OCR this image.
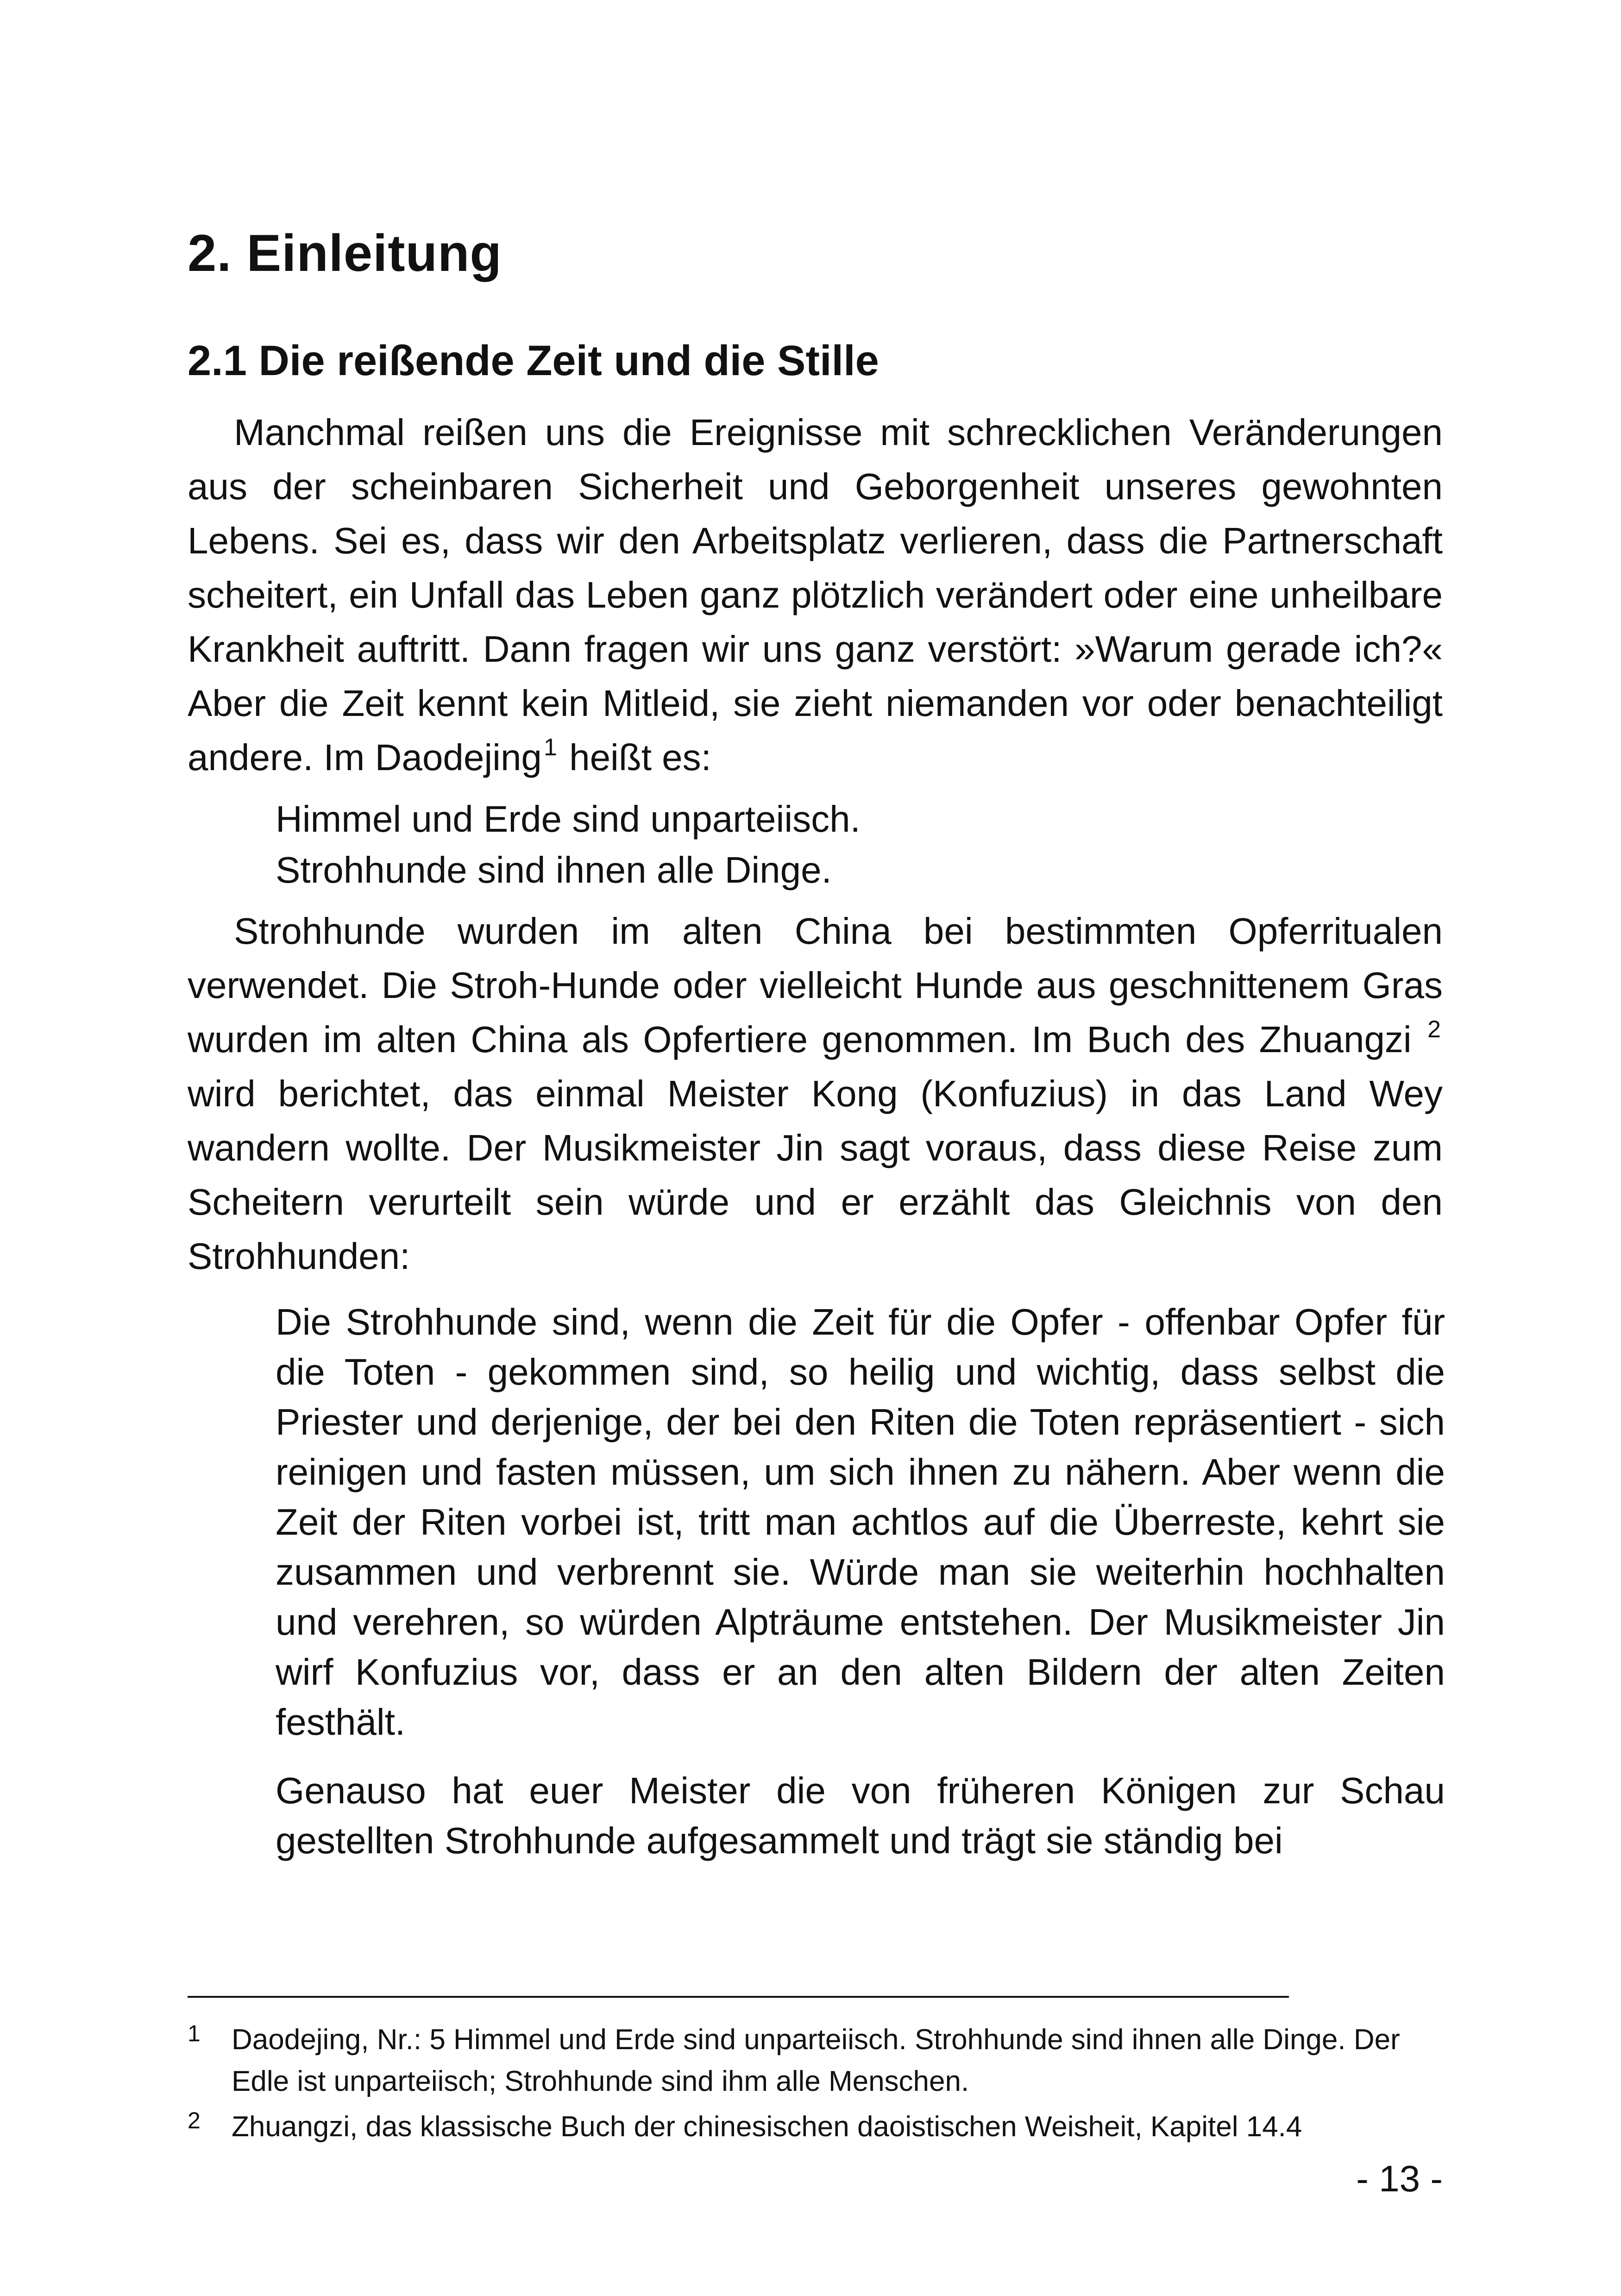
2. Einleitung
2.1 Die reißende Zeit und die Stille

Manchmal reißen uns die Ereignisse mit schrecklichen Veränderungen aus der scheinbaren Sicherheit und Geborgenheit unseres gewohnten Lebens. Sei es, dass wir den Arbeitsplatz verlieren, dass die Partnerschaft scheitert, ein Unfall das Leben ganz plötzlich verändert oder eine unheilbare Krankheit auftritt. Dann fragen wir uns ganz verstört: »Warum gerade ich?« Aber die Zeit kennt kein Mitleid, sie zieht niemanden vor oder benachteiligt andere. Im Daodejing$^1$ heißt es:

Himmel und Erde sind unparteiisch.
Strohhunde sind ihnen alle Dinge.

Strohhunde wurden im alten China bei bestimmten Opferritualen verwendet. Die Stroh-Hunde oder vielleicht Hunde aus geschnittenem Gras wurden im alten China als Opfertiere genommen. Im Buch des Zhuangzi $^2$ wird berichtet, das einmal Meister Kong (Konfuzius) in das Land Wey wandern wollte. Der Musikmeister Jin sagt voraus, dass diese Reise zum Scheitern verurteilt sein würde und er erzählt das Gleichnis von den Strohhunden:

Die Strohhunde sind, wenn die Zeit für die Opfer - offenbar Opfer für die Toten - gekommen sind, so heilig und wichtig, dass selbst die Priester und derjenige, der bei den Riten die Toten repräsentiert - sich reinigen und fasten müssen, um sich ihnen zu nähern. Aber wenn die Zeit der Riten vorbei ist, tritt man achtlos auf die Überreste, kehrt sie zusammen und verbrennt sie. Würde man sie weiterhin hochhalten und verehren, so würden Alpträume entstehen. Der Musikmeister Jin wirf Konfuzius vor, dass er an den alten Bildern der alten Zeiten festhält.

Genauso hat euer Meister die von früheren Königen zur Schau gestellten Strohhunde aufgesammelt und trägt sie ständig bei

1 Daodejing, Nr.: 5 Himmel und Erde sind unparteiisch. Strohhunde sind ihnen alle Dinge. Der Edle ist unparteiisch; Strohhunde sind ihm alle Menschen.
2 Zhuangzi, das klassische Buch der chinesischen daoistischen Weisheit, Kapitel 14.4
- 13 -
